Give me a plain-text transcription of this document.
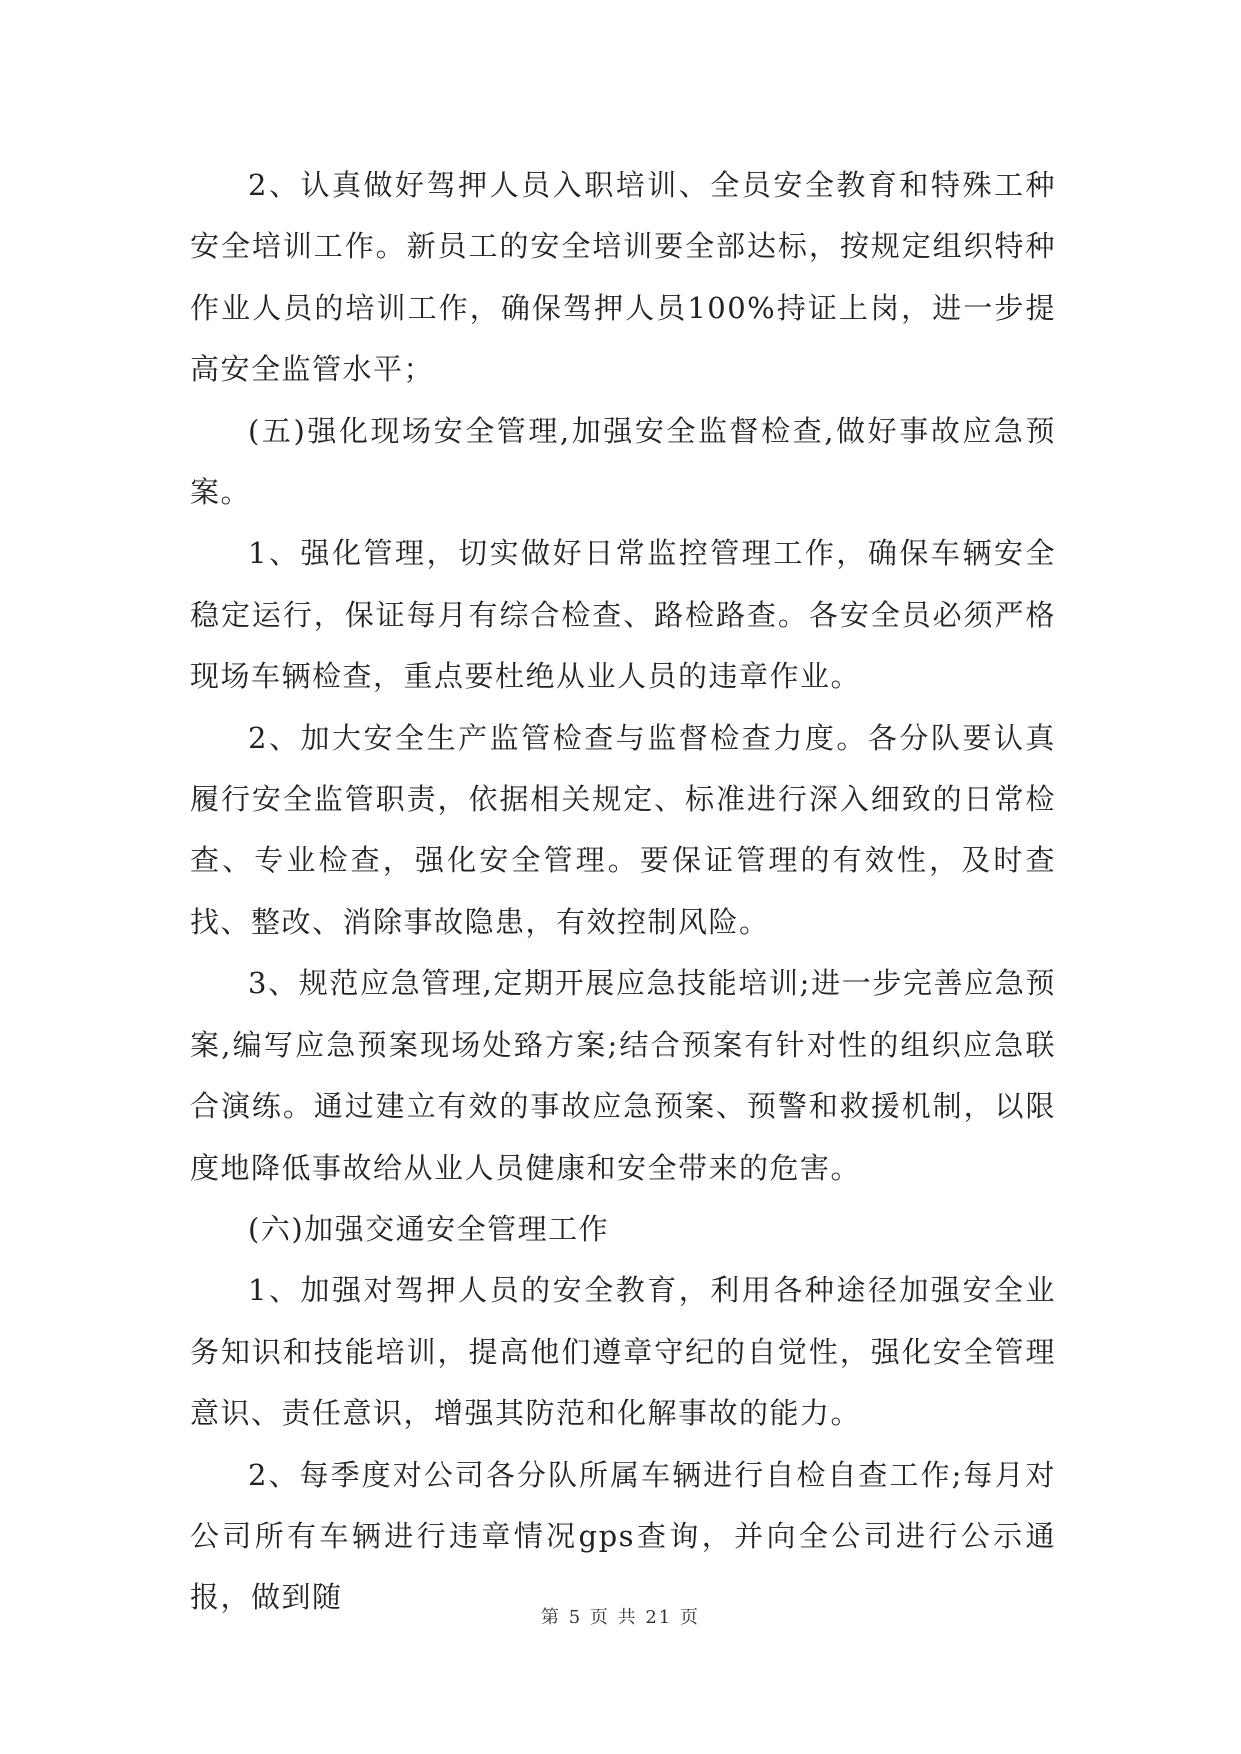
2、认真做好驾押人员入职培训、全员安全教育和特殊工种安全培训工作。新员工的安全培训要全部达标，按规定组织特种作业人员的培训工作，确保驾押人员100%持证上岗，进一步提高安全监管水平；

(五)强化现场安全管理,加强安全监督检查,做好事故应急预案。

1、强化管理，切实做好日常监控管理工作，确保车辆安全稳定运行，保证每月有综合检查、路检路查。各安全员必须严格现场车辆检查，重点要杜绝从业人员的违章作业。

2、加大安全生产监管检查与监督检查力度。各分队要认真履行安全监管职责，依据相关规定、标准进行深入细致的日常检查、专业检查，强化安全管理。要保证管理的有效性，及时查找、整改、消除事故隐患，有效控制风险。

3、规范应急管理,定期开展应急技能培训;进一步完善应急预案,编写应急预案现场处臵方案;结合预案有针对性的组织应急联合演练。通过建立有效的事故应急预案、预警和救援机制，以限度地降低事故给从业人员健康和安全带来的危害。

(六)加强交通安全管理工作

1、加强对驾押人员的安全教育，利用各种途径加强安全业务知识和技能培训，提高他们遵章守纪的自觉性，强化安全管理意识、责任意识，增强其防范和化解事故的能力。

2、每季度对公司各分队所属车辆进行自检自查工作;每月对公司所有车辆进行违章情况gps查询，并向全公司进行公示通报，做到随

第 5 页 共 21 页
